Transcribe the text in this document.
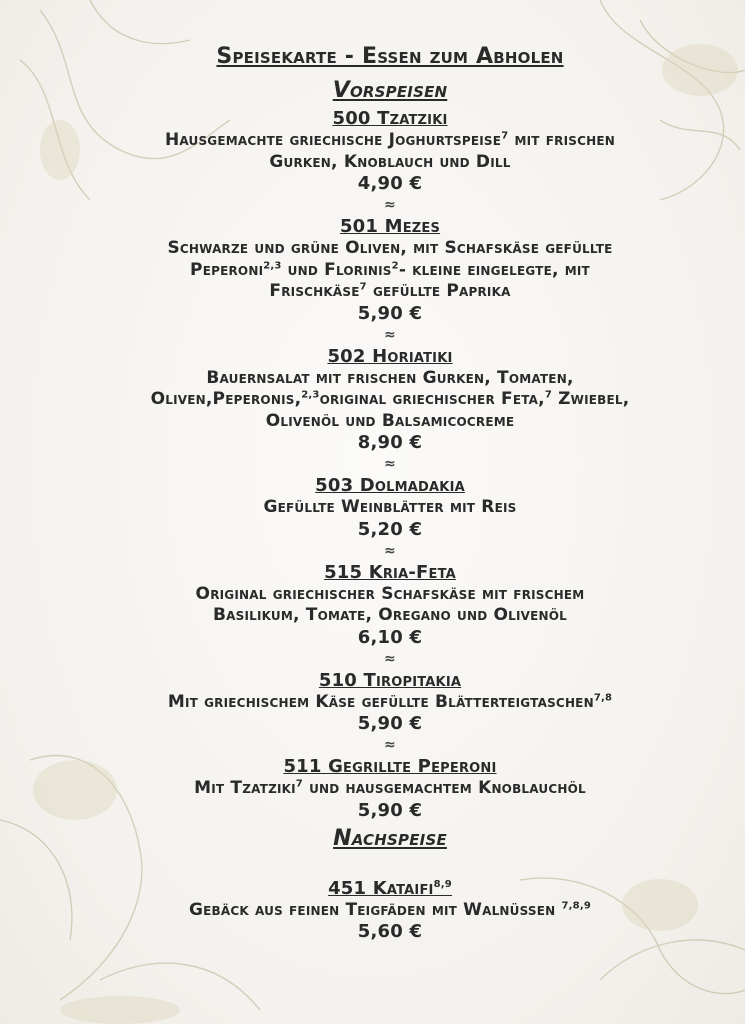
Speisekarte - Essen zum Abholen
Vorspeisen
500 Tzatziki
Hausgemachte griechische Joghurtspeise$^7$ mit frischen
Gurken, Knoblauch und Dill
4,90 €
≈
501 Mezes
Schwarze und grüne Oliven, mit Schafskäse gefüllte
Peperoni$^{2,3}$ und Florinis$^2$- kleine eingelegte, mit
Frischkäse$^7$ gefüllte Paprika
5,90 €
≈
502 Horiatiki
Bauernsalat mit frischen Gurken, Tomaten,
Oliven,Peperonis,$^{2,3}$original griechischer Feta,$^7$ Zwiebel,
Olivenöl und Balsamicocreme
8,90 €
≈
503 Dolmadakia
Gefüllte Weinblätter mit Reis
5,20 €
≈
515 Kria-Feta
Original griechischer Schafskäse mit frischem
Basilikum, Tomate, Oregano und Olivenöl
6,10 €
≈
510 Tiropitakia
Mit griechischem Käse gefüllte Blätterteigtaschen$^{7,8}$
5,90 €
≈
511 Gegrillte Peperoni
Mit Tzatziki$^7$ und hausgemachtem Knoblauchöl
5,90 €
Nachspeise
451 Kataifi$^{8,9}$
Gebäck aus feinen Teigfäden mit Walnüssen $^{7,8,9}$
5,60 €
